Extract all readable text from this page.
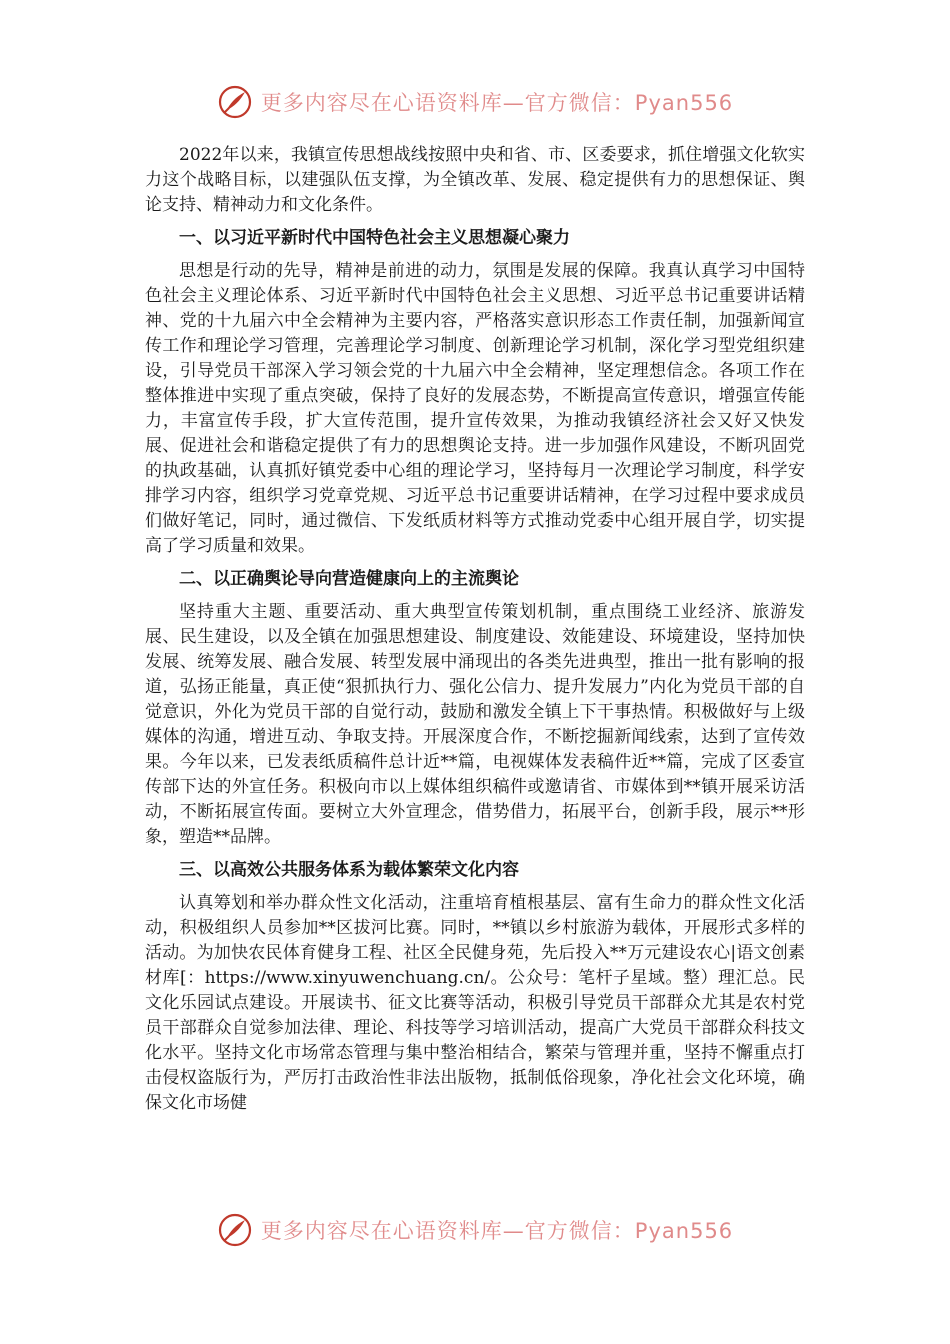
更多内容尽在心语资料库—官方微信：Pyan556

2022年以来，我镇宣传思想战线按照中央和省、市、区委要求，抓住增强文化软实力这个战略目标，以建强队伍支撑，为全镇改革、发展、稳定提供有力的思想保证、舆论支持、精神动力和文化条件。

一、以习近平新时代中国特色社会主义思想凝心聚力

思想是行动的先导，精神是前进的动力，氛围是发展的保障。我真认真学习中国特色社会主义理论体系、习近平新时代中国特色社会主义思想、习近平总书记重要讲话精神、党的十九届六中全会精神为主要内容，严格落实意识形态工作责任制，加强新闻宣传工作和理论学习管理，完善理论学习制度、创新理论学习机制，深化学习型党组织建设，引导党员干部深入学习领会党的十九届六中全会精神，坚定理想信念。各项工作在整体推进中实现了重点突破，保持了良好的发展态势，不断提高宣传意识，增强宣传能力，丰富宣传手段，扩大宣传范围，提升宣传效果，为推动我镇经济社会又好又快发展、促进社会和谐稳定提供了有力的思想舆论支持。进一步加强作风建设，不断巩固党的执政基础，认真抓好镇党委中心组的理论学习，坚持每月一次理论学习制度，科学安排学习内容，组织学习党章党规、习近平总书记重要讲话精神，在学习过程中要求成员们做好笔记，同时，通过微信、下发纸质材料等方式推动党委中心组开展自学，切实提高了学习质量和效果。

二、以正确舆论导向营造健康向上的主流舆论

坚持重大主题、重要活动、重大典型宣传策划机制，重点围绕工业经济、旅游发展、民生建设，以及全镇在加强思想建设、制度建设、效能建设、环境建设，坚持加快发展、统筹发展、融合发展、转型发展中涌现出的各类先进典型，推出一批有影响的报道，弘扬正能量，真正使“狠抓执行力、强化公信力、提升发展力”内化为党员干部的自觉意识，外化为党员干部的自觉行动，鼓励和激发全镇上下干事热情。积极做好与上级媒体的沟通，增进互动、争取支持。开展深度合作，不断挖掘新闻线索，达到了宣传效果。今年以来，已发表纸质稿件总计近**篇，电视媒体发表稿件近**篇，完成了区委宣传部下达的外宣任务。积极向市以上媒体组织稿件或邀请省、市媒体到**镇开展采访活动，不断拓展宣传面。要树立大外宣理念，借势借力，拓展平台，创新手段，展示**形象，塑造**品牌。

三、以高效公共服务体系为载体繁荣文化内容

认真筹划和举办群众性文化活动，注重培育植根基层、富有生命力的群众性文化活动，积极组织人员参加**区拔河比赛。同时，**镇以乡村旅游为载体，开展形式多样的活动。为加快农民体育健身工程、社区全民健身苑，先后投入**万元建设农心|语文创素材库[：https://www.xinyuwenchuang.cn/。公众号：笔杆子星域。整）理汇总。民文化乐园试点建设。开展读书、征文比赛等活动，积极引导党员干部群众尤其是农村党员干部群众自觉参加法律、理论、科技等学习培训活动，提高广大党员干部群众科技文化水平。坚持文化市场常态管理与集中整治相结合，繁荣与管理并重，坚持不懈重点打击侵权盗版行为，严厉打击政治性非法出版物，抵制低俗现象，净化社会文化环境，确保文化市场健

更多内容尽在心语资料库—官方微信：Pyan556
